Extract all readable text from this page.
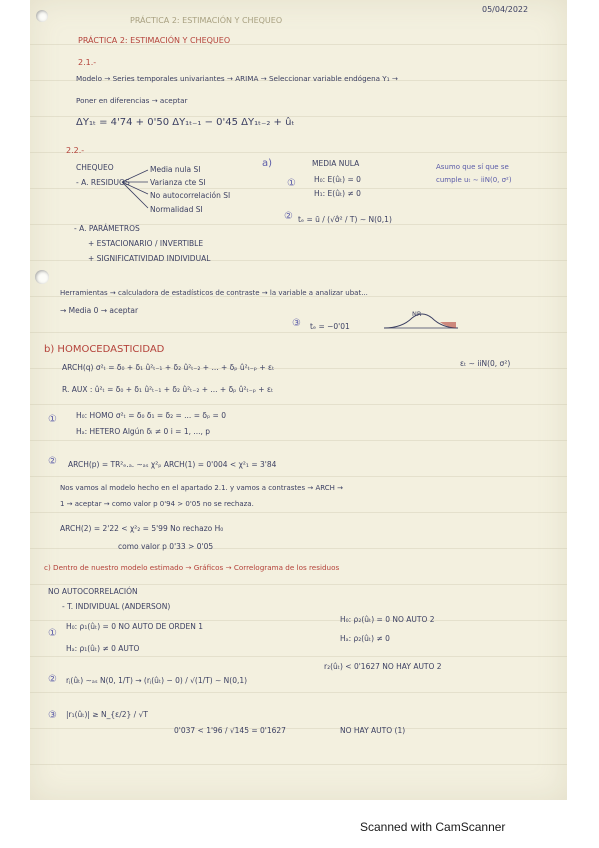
05/04/2022
PRÁCTICA 2: ESTIMACIÓN Y CHEQUEO
PRÁCTICA 2: ESTIMACIÓN Y CHEQUEO
2.1.-
Modelo → Series temporales univariantes → ARIMA → Seleccionar variable endógena Y₁ →
Poner en diferencias → aceptar
ΔY₁ₜ = 4'74 + 0'50 ΔY₁ₜ₋₁ − 0'45 ΔY₁ₜ₋₂ + ûₜ
2.2.-
CHEQUEO
- A. RESIDUOS
Media nula SI
Varianza cte SI
No autocorrelación SI
Normalidad SI
- A. PARÁMETROS
+ ESTACIONARIO / INVERTIBLE
+ SIGNIFICATIVIDAD INDIVIDUAL
a)	MEDIA NULA
① H₀: E(ûₜ) = 0
H₁: E(ûₜ) ≠ 0
Asumo que sí que se
cumple uₜ ∼ iiN(0, σ²)
② tₑ = ū / (√σ̂² / T) ∼ N(0,1)
Herramientas → calculadora de estadísticos de contraste → la variable a analizar ubat...
→ Media 0 → aceptar
③ tₑ = −0'01
NR
b) HOMOCEDASTICIDAD
ARCH(q) σ²ₜ = δ₀ + δ₁ û²ₜ₋₁ + δ₂ û²ₜ₋₂ + ... + δₚ û²ₜ₋ₚ + εₜ	εₜ ∼ iiN(0, σ²)
R. AUX : û²ₜ = δ₀ + δ₁ û²ₜ₋₁ + δ₂ û²ₜ₋₂ + ... + δₚ û²ₜ₋ₚ + εₜ
①	H₀: HOMO σ²ₜ = δ₀ δ₁ = δ₂ = ... = δₚ = 0
Hₐ: HETERO Algún δᵢ ≠ 0 i = 1, ..., p
② ARCH(p) = TR²ₑ.ₐ. ∼ₐₛ χ²ₚ ARCH(1) = 0'004 < χ²₁ = 3'84
Nos vamos al modelo hecho en el apartado 2.1. y vamos a contrastes → ARCH →
1 → aceptar → como valor p 0'94 > 0'05 no se rechaza.
ARCH(2) = 2'22 < χ²₂ = 5'99 No rechazo H₀
como valor p 0'33 > 0'05
c) Dentro de nuestro modelo estimado → Gráficos → Correlograma de los residuos
NO AUTOCORRELACIÓN
- T. INDIVIDUAL (ANDERSON)
①
H₀: ρ₁(ûₜ) = 0 NO AUTO DE ORDEN 1
Hₐ: ρ₁(ûₜ) ≠ 0 AUTO
H₀: ρ₂(ûₜ) = 0 NO AUTO 2
Hₐ: ρ₂(ûₜ) ≠ 0
② rⱼ(ûₜ) ∼ₐₛ N(0, 1/T) → (rⱼ(ûₜ) − 0) / √(1/T) ∼ N(0,1)
r₂(ûₜ) < 0'1627 NO HAY AUTO 2
③ |r₁(ûₜ)| ≥ N_{ε/2} / √T
0'037 < 1'96 / √145 = 0'1627	NO HAY AUTO (1)
Scanned with CamScanner
